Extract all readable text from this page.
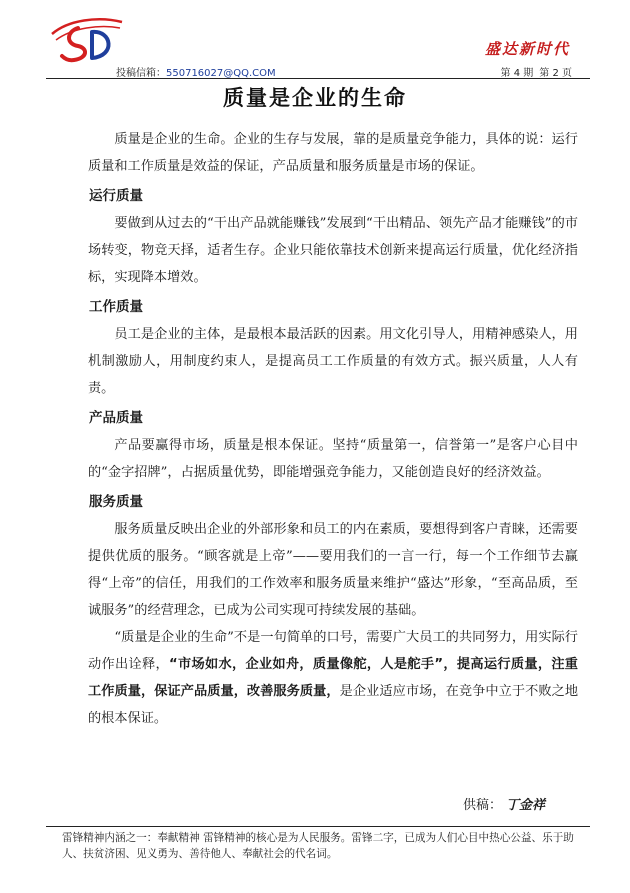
投稿信箱：550716027@QQ.COM
盛达新时代
第 4 期 第 2 页
质量是企业的生命

质量是企业的生命。企业的生存与发展，靠的是质量竞争能力，具体的说：运行质量和工作质量是效益的保证，产品质量和服务质量是市场的保证。

运行质量

要做到从过去的“干出产品就能赚钱”发展到“干出精品、领先产品才能赚钱”的市场转变，物竞天择，适者生存。企业只能依靠技术创新来提高运行质量，优化经济指标，实现降本增效。

工作质量

员工是企业的主体，是最根本最活跃的因素。用文化引导人，用精神感染人，用机制激励人，用制度约束人，是提高员工工作质量的有效方式。振兴质量，人人有责。

产品质量

产品要赢得市场，质量是根本保证。坚持“质量第一，信誉第一”是客户心目中的“金字招牌”，占据质量优势，即能增强竞争能力，又能创造良好的经济效益。

服务质量

服务质量反映出企业的外部形象和员工的内在素质，要想得到客户青睐，还需要提供优质的服务。“顾客就是上帝”——要用我们的一言一行，每一个工作细节去赢得“上帝”的信任，用我们的工作效率和服务质量来维护“盛达”形象，“至高品质，至诚服务”的经营理念，已成为公司实现可持续发展的基础。

“质量是企业的生命”不是一句简单的口号，需要广大员工的共同努力，用实际行动作出诠释，“市场如水，企业如舟，质量像舵，人是舵手”，提高运行质量，注重工作质量，保证产品质量，改善服务质量，是企业适应市场，在竞争中立于不败之地的根本保证。

供稿： 丁金祥
雷锋精神内涵之一：奉献精神 雷锋精神的核心是为人民服务。雷锋二字，已成为人们心目中热心公益、乐于助人、扶贫济困、见义勇为、善待他人、奉献社会的代名词。
